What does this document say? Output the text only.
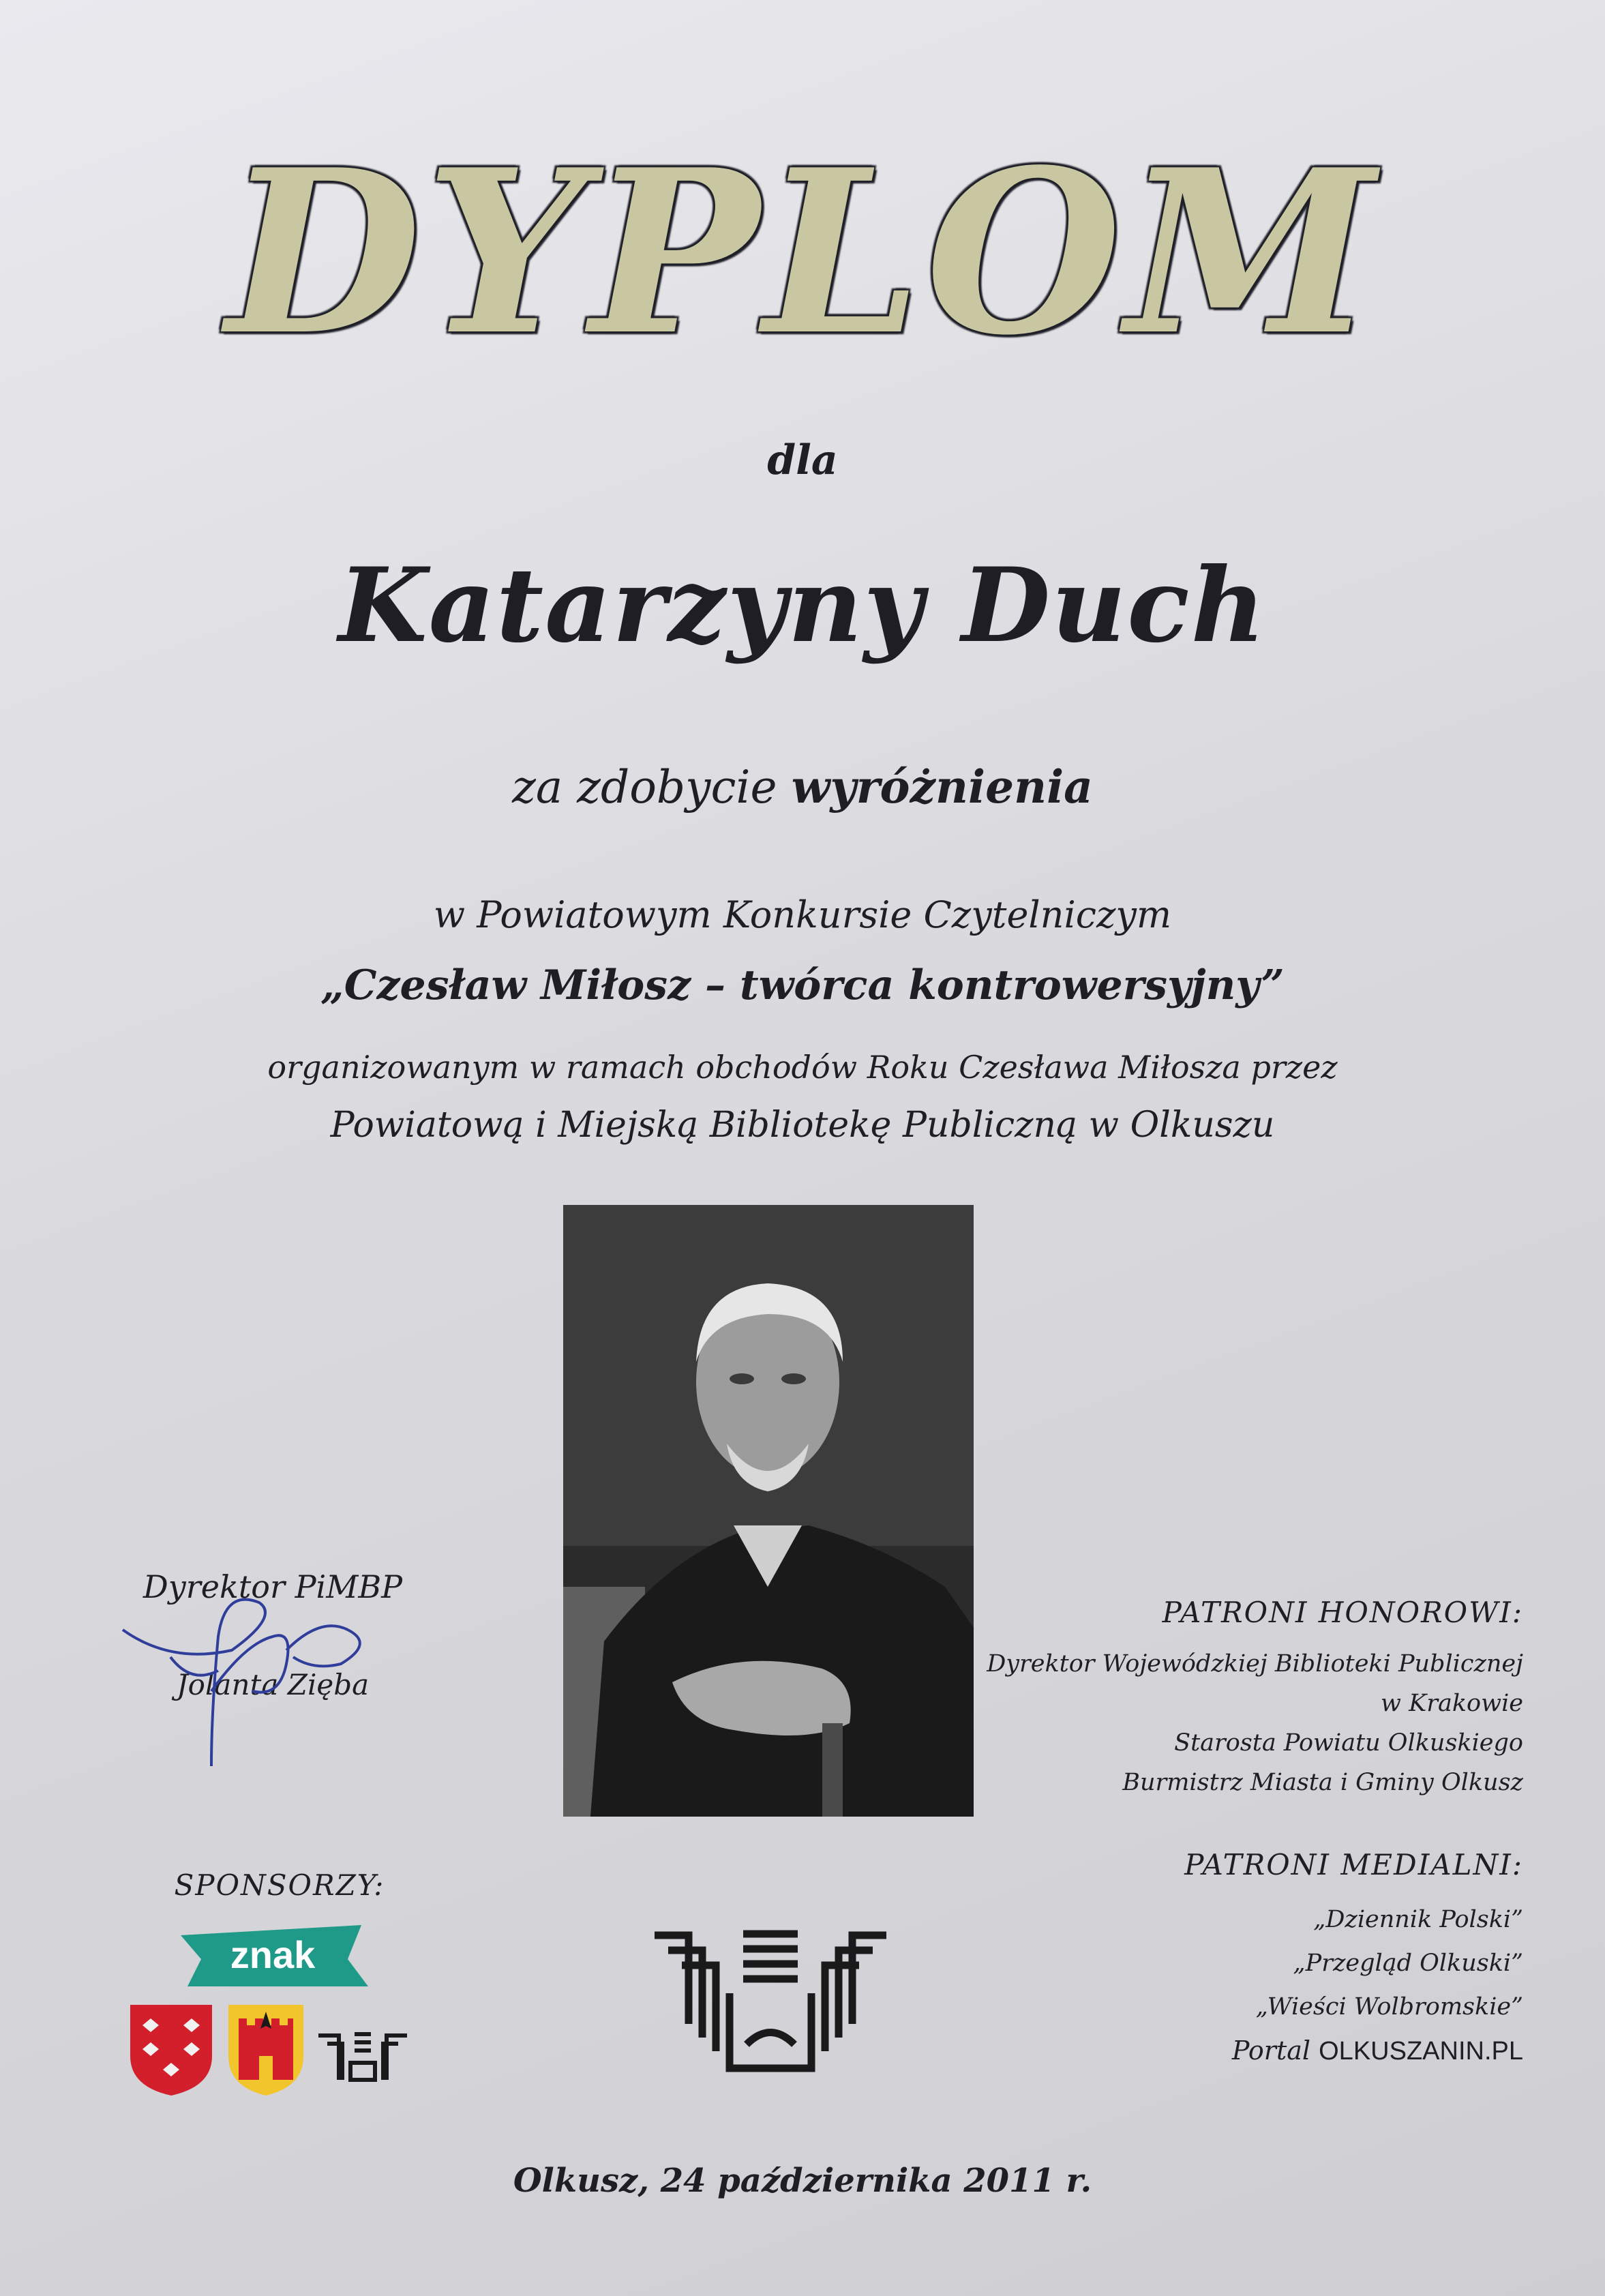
DYPLOM
dla
Katarzyny Duch
za zdobycie wyróżnienia
w Powiatowym Konkursie Czytelniczym
„Czesław Miłosz – twórca kontrowersyjny”
organizowanym w ramach obchodów Roku Czesława Miłosza przez
Powiatową i Miejską Bibliotekę Publiczną w Olkuszu
Dyrektor PiMBP
Jolanta Zięba
PATRONI HONOROWI:
Dyrektor Wojewódzkiej Biblioteki Publicznej
w Krakowie
Starosta Powiatu Olkuskiego
Burmistrz Miasta i Gminy Olkusz
PATRONI MEDIALNI:
„Dziennik Polski”
„Przegląd Olkuski”
„Wieści Wolbromskie”
Portal OLKUSZANIN.PL
SPONSORZY:
znak
Olkusz, 24 października 2011 r.
